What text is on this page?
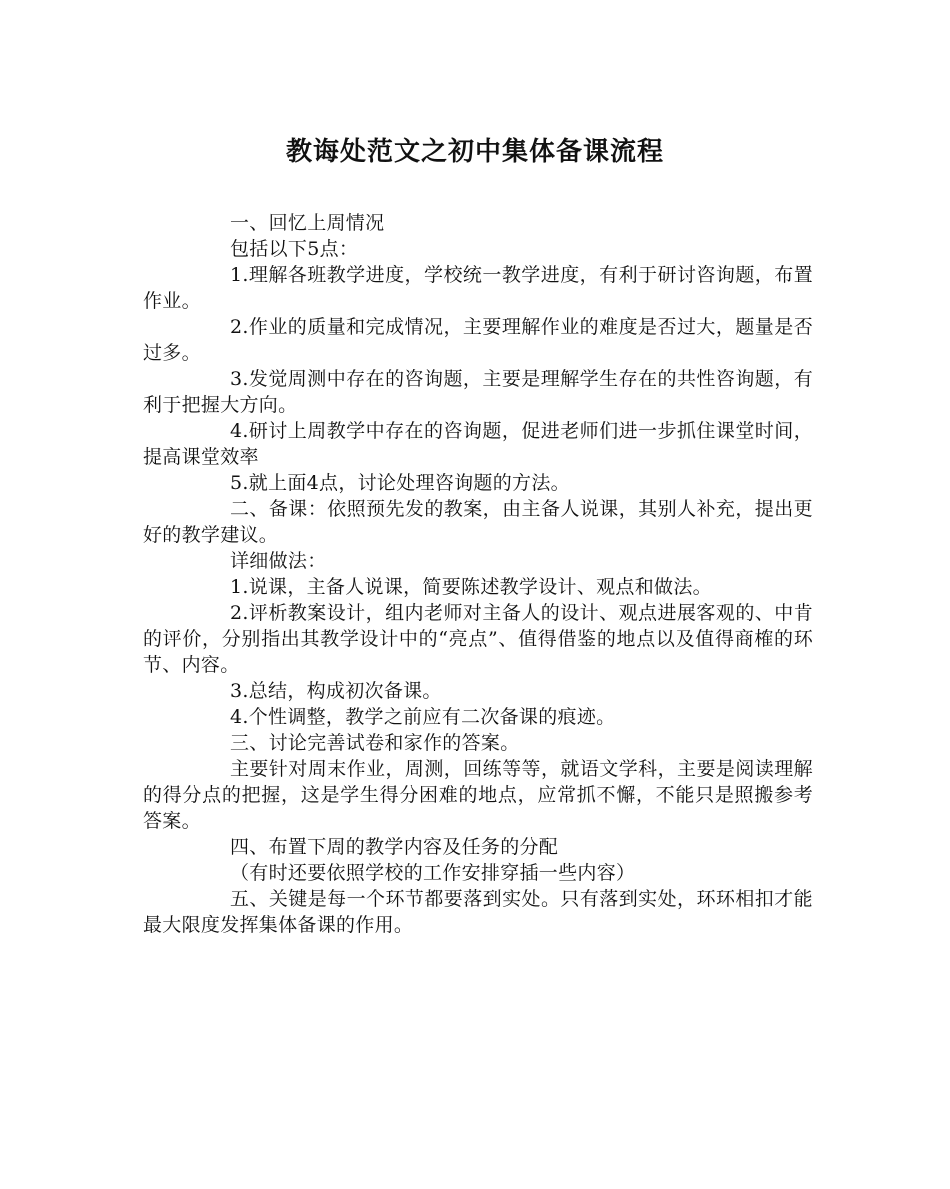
教诲处范文之初中集体备课流程

一、回忆上周情况

包括以下5点：

1.理解各班教学进度，学校统一教学进度，有利于研讨咨询题，布置作业。

2.作业的质量和完成情况，主要理解作业的难度是否过大，题量是否过多。

3.发觉周测中存在的咨询题，主要是理解学生存在的共性咨询题，有利于把握大方向。

4.研讨上周教学中存在的咨询题，促进老师们进一步抓住课堂时间，提高课堂效率

5.就上面4点，讨论处理咨询题的方法。

二、备课：依照预先发的教案，由主备人说课，其别人补充，提出更好的教学建议。

详细做法：

1.说课，主备人说课，简要陈述教学设计、观点和做法。

2.评析教案设计，组内老师对主备人的设计、观点进展客观的、中肯的评价，分别指出其教学设计中的“亮点”、值得借鉴的地点以及值得商榷的环节、内容。

3.总结，构成初次备课。

4.个性调整，教学之前应有二次备课的痕迹。

三、讨论完善试卷和家作的答案。

主要针对周末作业，周测，回练等等，就语文学科，主要是阅读理解的得分点的把握，这是学生得分困难的地点，应常抓不懈，不能只是照搬参考答案。

四、布置下周的教学内容及任务的分配

（有时还要依照学校的工作安排穿插一些内容）

五、关键是每一个环节都要落到实处。只有落到实处，环环相扣才能最大限度发挥集体备课的作用。
